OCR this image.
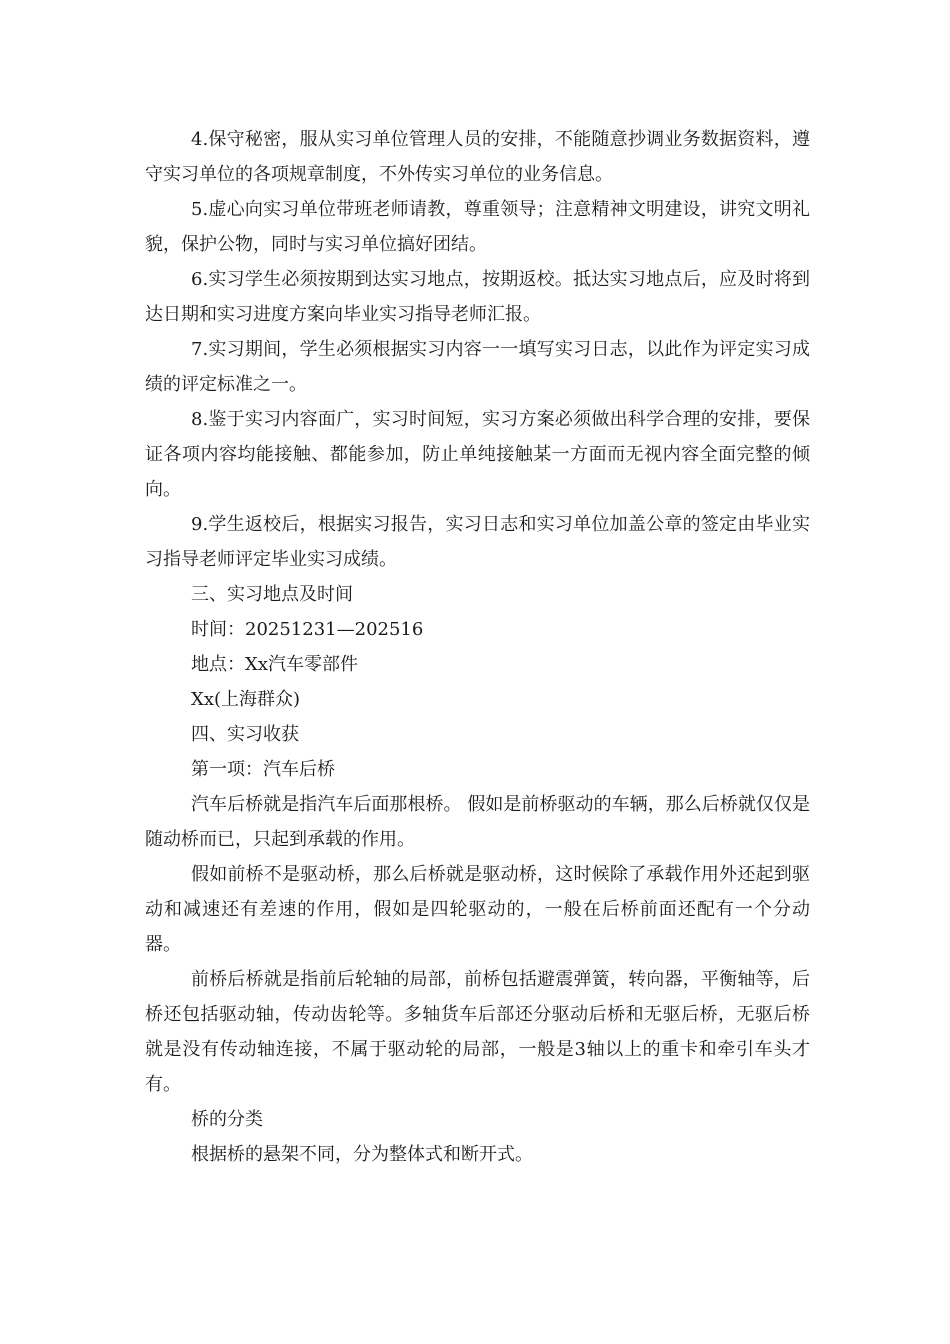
4.保守秘密，服从实习单位管理人员的安排，不能随意抄调业务数据资料，遵守实习单位的各项规章制度，不外传实习单位的业务信息。

5.虚心向实习单位带班老师请教，尊重领导；注意精神文明建设，讲究文明礼貌，保护公物，同时与实习单位搞好团结。

6.实习学生必须按期到达实习地点，按期返校。抵达实习地点后，应及时将到达日期和实习进度方案向毕业实习指导老师汇报。

7.实习期间，学生必须根据实习内容一一填写实习日志，以此作为评定实习成绩的评定标准之一。

8.鉴于实习内容面广，实习时间短，实习方案必须做出科学合理的安排，要保证各项内容均能接触、都能参加，防止单纯接触某一方面而无视内容全面完整的倾向。

9.学生返校后，根据实习报告，实习日志和实习单位加盖公章的签定由毕业实习指导老师评定毕业实习成绩。

三、实习地点及时间

时间：20251231—202516

地点：Xx汽车零部件

Xx(上海群众)

四、实习收获

第一项：汽车后桥

汽车后桥就是指汽车后面那根桥。 假如是前桥驱动的车辆，那么后桥就仅仅是随动桥而已，只起到承载的作用。

假如前桥不是驱动桥，那么后桥就是驱动桥，这时候除了承载作用外还起到驱动和减速还有差速的作用，假如是四轮驱动的，一般在后桥前面还配有一个分动器。

前桥后桥就是指前后轮轴的局部，前桥包括避震弹簧，转向器，平衡轴等，后桥还包括驱动轴，传动齿轮等。多轴货车后部还分驱动后桥和无驱后桥，无驱后桥就是没有传动轴连接，不属于驱动轮的局部，一般是3轴以上的重卡和牵引车头才有。

桥的分类

根据桥的悬架不同，分为整体式和断开式。
